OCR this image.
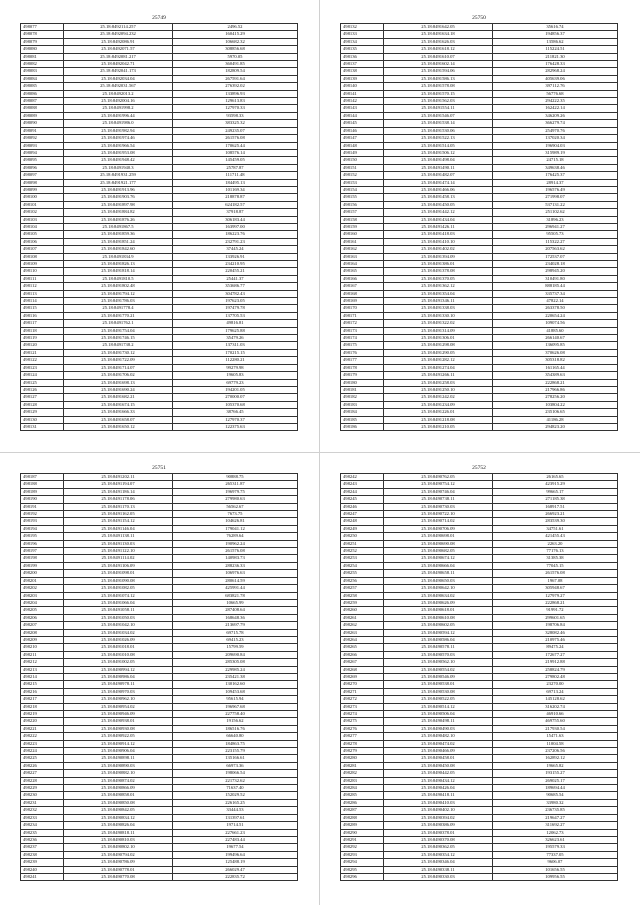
25749
498077	25.18:8492114.257	2496.52
498078	25.18:8492094.232	160415.29
498079	25.18:8492086.91	106682.32
498080	25.18:8492071.57	308856.68
498081	25.18:8492081.217	5970.05
498082	25.18:8492042.71	360491.85
498083	25.18:8492041.173	182809.54
498084	25.18:8492034.04	267591.64
498085	25.18:8492031.567	276392.02
498086	25.18:8492013.2	133896.93
498087	25.18:8492004.16	129613.83
498088	25.18:8491998.2	127970.33
498089	25.18:8491996.44	93598.33
498090	25.18:8491986.0	383325.32
498091	25.18:8491982.94	249235.07
498092	25.18:8491974.46	261576.08
498093	25.18:8491966.54	170625.44
498094	25.18:8491953.08	108576.14
498095	25.18:8491948.42	145459.05
498096	25.18:8491940.3	25787.87
498097	25.18:8491931.259	111711.48
498098	25.18:8491921.177	184495.13
498099	25.18:8491913.96	101169.34
498100	25.18:8491903.76	218878.87
498101	25.18:8491897.98	624182.57
498102	25.18:8491884.82	37918.87
498103	25.18:8491876.26	306183.44
498104	25.18:8491867.5	163997.00
498105	25.18:8491859.36	186223.76
498106	25.18:8491851.24	232791.23
498107	25.18:8491842.60	37445.24
498108	25.18:8491834.9	133926.91
498109	25.18:8491826.13	234210.95
498110	25.18:8491818.14	220455.21
498111	25.18:8491810.5	25441.37
498112	25.18:8491802.48	353686.77
498113	25.18:8491794.12	304782.43
498114	25.18:8491786.03	197623.05
498115	25.18:8491778.4	197479.78
498116	25.18:8491770.21	137705.53
498117	25.18:8491762.1	49816.81
498118	25.18:8491754.04	179625.88
498119	25.18:8491746.15	35479.26
498120	25.18:8491738.2	137311.03
498121	25.18:8491730.12	170215.15
498122	25.18:8491722.09	112280.21
498123	25.18:8491714.07	99279.98
498124	25.18:8491706.02	19605.83
498125	25.18:8491698.13	69779.23
498126	25.18:8491690.24	194201.05
498127	25.18:8491682.21	270000.07
498128	25.18:8491674.15	105370.68
498129	25.18:8491666.33	38766.45
498130	25.18:8491658.07	127970.37
498131	25.18:8491650.12	122375.63
25750
498132	25.18:8491642.05	35616.74
498133	25.18:8491634.18	194856.37
498134	25.18:8491626.03	13586.62
498135	25.18:8491618.12	115224.51
498136	25.18:8491610.07	211821.30
498137	25.18:8491602.14	176428.33
498138	25.18:8491594.06	282968.24
498139	25.18:8491586.13	405639.06
498140	25.18:8491578.08	397112.76
498141	25.18:8491570.15	56776.68
498142	25.18:8491562.03	294222.35
498143	25.18:8491554.11	162422.14
498144	25.18:8491546.07	346209.26
498145	25.18:8491538.14	366279.74
498146	25.18:8491530.06	254970.76
498147	25.18:8491522.13	137020.34
498148	25.18:8491514.05	196904.03
498149	25.18:8491506.12	315989.19
498150	25.18:8491498.04	24715.18
498151	25.18:8491490.11	349638.46
498152	25.18:8491482.07	176425.37
498153	25.18:8491474.14	28914.37
498154	25.18:8491466.06	196576.49
498155	25.18:8491458.13	271998.07
498156	25.18:8491450.05	537131.22
498157	25.18:8491442.12	251102.62
498158	25.18:8491434.04	31896.23
498159	25.18:8491426.11	296941.27
498160	25.18:8491418.03	95505.73
498161	25.18:8491410.10	115322.27
498162	25.18:8491402.02	207563.62
498163	25.18:8491394.09	172537.07
498164	25.18:8491386.01	234028.18
498165	25.18:8491378.08	298945.20
498166	25.18:8491370.05	310491.80
498167	25.18:8491362.12	888185.44
498168	25.18:8491354.04	335737.34
498169	25.18:8491346.11	47822.14
498170	25.18:8491338.03	263378.50
498171	25.18:8491330.10	220654.24
498172	25.18:8491322.02	109074.56
498173	25.18:8491314.09	41885.60
498174	25.18:8491306.01	266140.67
498175	25.18:8491298.08	136095.85
498176	25.18:8491290.05	370626.08
498177	25.18:8491282.12	305318.82
498178	25.18:8491274.04	161165.44
498179	25.18:8491266.11	354389.63
498180	25.18:8491258.03	222868.21
498181	25.18:8491250.10	217966.86
498182	25.18:8491242.02	278256.20
498183	25.18:8491234.09	103804.22
498184	25.18:8491226.01	235106.65
498185	25.18:8491218.08	41186.28
498186	25.18:8491210.05	294823.20
25751
498187	25.18:8491202.11	90888.75
498188	25.18:8491194.07	265311.87
498189	25.18:8491186.14	196979.75
498190	25.18:8491178.06	279980.63
498191	25.18:8491170.13	56562.67
498192	25.18:8491162.05	7673.75
498193	25.18:8491154.12	104626.81
498194	25.18:8491146.04	179041.12
498195	25.18:8491138.11	76289.64
498196	25.18:8491130.03	190962.24
498197	25.18:8491122.10	261576.08
498198	25.18:8491114.02	140983.73
498199	25.18:8491106.09	288236.33
498200	25.18:8491098.01	106976.63
498201	25.18:8491090.08	280614.59
498202	25.18:8491082.05	425991.44
498203	25.18:8491074.12	683821.78
498204	25.18:8491066.04	10665.99
498205	25.18:8491058.11	287408.64
498206	25.18:8491050.03	168648.36
498207	25.18:8491042.10	213697.79
498208	25.18:8491034.02	69715.78
498209	25.18:8491026.09	69415.23
498210	25.18:8491018.01	15799.59
498211	25.18:8491010.08	209690.84
498212	25.18:8491002.05	285305.08
498213	25.18:8490994.12	229985.24
498214	25.18:8490986.04	235421.38
498215	25.18:8490978.11	130162.60
498216	25.18:8490970.03	109453.68
498217	25.18:8490962.10	95615.94
498218	25.18:8490954.02	196967.68
498219	25.18:8490946.09	227758.40
498220	25.18:8490938.01	19156.62
498221	25.18:8490930.08	186516.76
498222	25.18:8490922.05	66640.80
498223	25.18:8490914.12	184863.75
498224	25.18:8490906.04	223155.79
498225	25.18:8490898.11	135166.61
498226	25.18:8490890.03	66973.36
498227	25.18:8490882.10	198066.54
498228	25.18:8490874.02	221732.62
498229	25.18:8490866.09	71637.40
498230	25.18:8490858.01	152029.52
498231	25.18:8490850.08	226165.25
498232	25.18:8490842.05	33444.53
498233	25.18:8490834.12	131397.61
498234	25.18:8490826.04	19714.51
498235	25.18:8490818.11	227661.23
498236	25.18:8490810.03	227483.44
498237	25.18:8490802.10	19677.54
498238	25.18:8490794.02	199496.64
498239	25.18:8490786.09	125488.19
498240	25.18:8490778.01	266029.47
498241	25.18:8490770.08	222835.72
25752
498242	25.18:8490762.05	26165.65
498243	25.18:8490754.12	423915.29
498244	25.18:8490746.04	99665.17
498245	25.18:8490738.11	271185.38
498246	25.18:8490730.03	168917.51
498247	25.18:8490722.10	266923.21
498248	25.18:8490714.02	283539.30
498249	25.18:8490706.09	34751.61
498250	25.18:8490698.01	421455.43
498251	25.18:8490690.08	2263.20
498252	25.18:8490682.05	77176.13
498253	25.18:8490674.12	31385.38
498254	25.18:8490666.04	77045.15
498255	25.18:8490658.11	261576.08
498256	25.18:8490650.03	1967.08
498257	25.18:8490642.10	305948.67
498258	25.18:8490634.02	127979.27
498259	25.18:8490626.09	222868.21
498260	25.18:8490618.01	91991.72
498261	25.18:8490610.08	299601.65
498262	25.18:8490602.05	198706.84
498263	25.18:8490594.12	328082.46
498264	25.18:8490586.04	210975.46
498265	25.18:8490578.11	89475.24
498266	25.18:8490570.03	172677.27
498267	25.18:8490562.10	219912.88
498268	25.18:8490554.02	258824.79
498269	25.18:8490546.09	279802.48
498270	25.18:8490538.01	23270.00
498271	25.18:8490530.08	69713.24
498272	25.18:8490522.05	145128.62
498273	25.18:8490514.12	316202.74
498274	25.18:8490506.04	46910.66
498275	25.18:8490498.11	469755.60
498276	25.18:8490490.03	217930.54
498277	25.18:8490482.10	15471.63
498278	25.18:8490474.02	11004.58
498279	25.18:8490466.09	237206.56
498280	25.18:8490458.01	162892.12
498281	25.18:8490450.08	19665.82
498282	25.18:8490442.05	193155.27
498283	25.18:8490434.12	269025.17
498284	25.18:8490426.04	189694.44
498285	25.18:8490418.11	90685.54
498286	25.18:8490410.03	33980.32
498287	25.18:8490402.10	236735.85
498288	25.18:8490394.02	219647.27
498289	25.18:8490386.09	311692.27
498290	25.18:8490378.01	12062.73
498291	25.18:8490370.08	326623.61
498292	25.18:8490362.05	195579.33
498293	25.18:8490354.12	77337.05
498294	25.18:8490346.04	9606.07
498295	25.18:8490338.11	101656.55
498296	25.18:8490330.03	109956.55
